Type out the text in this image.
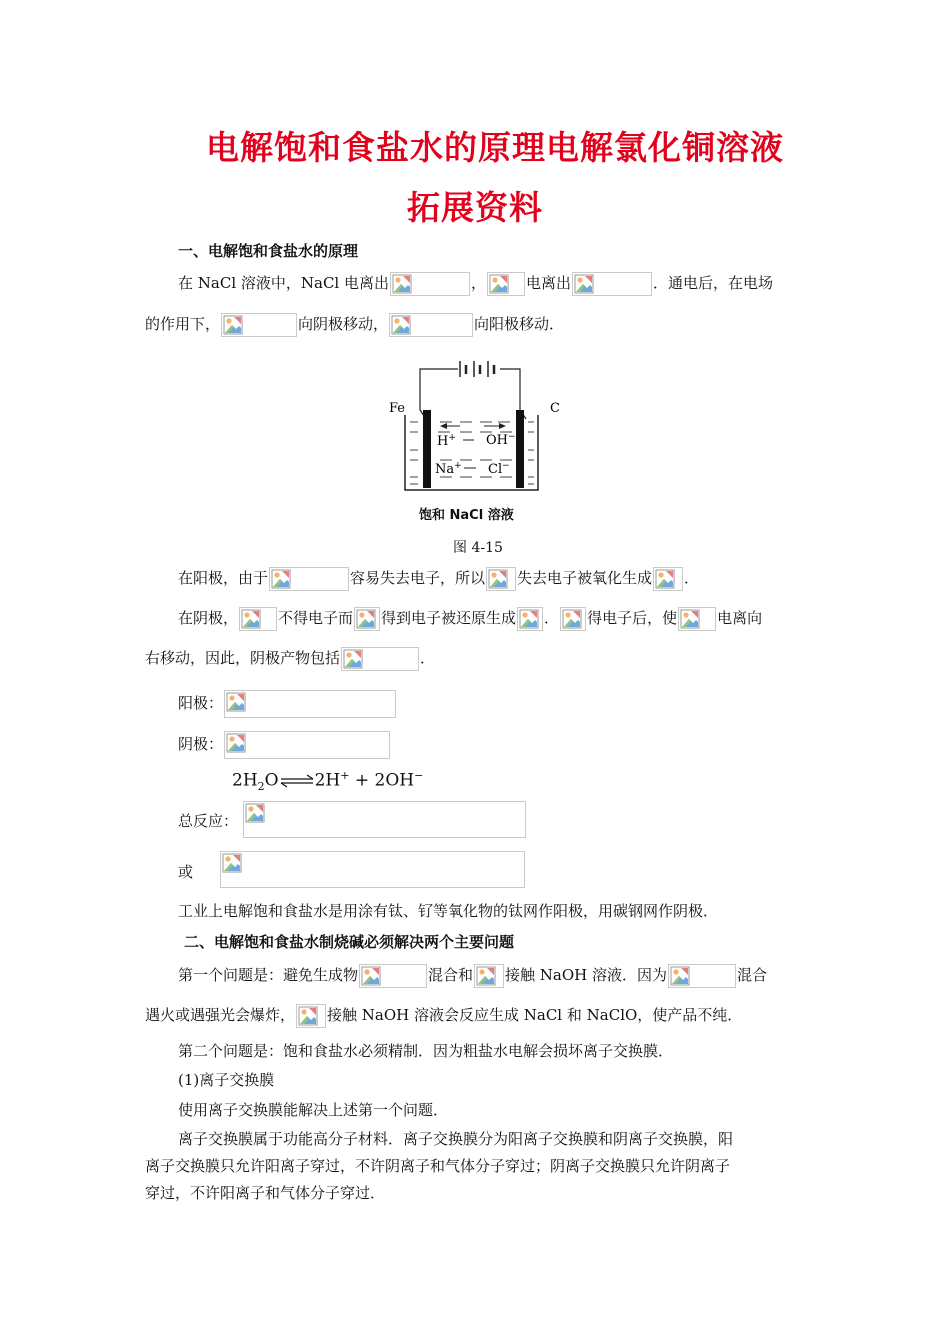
电解饱和食盐水的原理电解氯化铜溶液
拓展资料
一、电解饱和食盐水的原理
在 NaCl 溶液中，NaCl 电离出	，	电离出	．通电后，在电场
的作用下，	向阴极移动，	向阳极移动．
Fe	C
H+ OH−
Na+ Cl−
饱和 NaCl 溶液
图 4-15
在阳极，由于	容易失去电子，所以 失去电子被氧化生成 ．
在阴极，	不得电子而 得到电子被还原生成 ． 得电子后，使	电离向
右移动，因此，阴极产物包括	．
阳极：
阴极：
$2H_2O\rightleftharpoons 2H^+ + 2OH^-$
总反应：
或
工业上电解饱和食盐水是用涂有钛、钌等氧化物的钛网作阳极，用碳钢网作阴极．
二、电解饱和食盐水制烧碱必须解决两个主要问题
第一个问题是：避免生成物	混合和 接触 NaOH 溶液．因为	混合
遇火或遇强光会爆炸， 接触 NaOH 溶液会反应生成 NaCl 和 NaClO，使产品不纯．
第二个问题是：饱和食盐水必须精制．因为粗盐水电解会损坏离子交换膜．
(1)离子交换膜
使用离子交换膜能解决上述第一个问题．
离子交换膜属于功能高分子材料．离子交换膜分为阳离子交换膜和阴离子交换膜，阳
离子交换膜只允许阳离子穿过，不许阴离子和气体分子穿过；阴离子交换膜只允许阴离子
穿过，不许阳离子和气体分子穿过．
